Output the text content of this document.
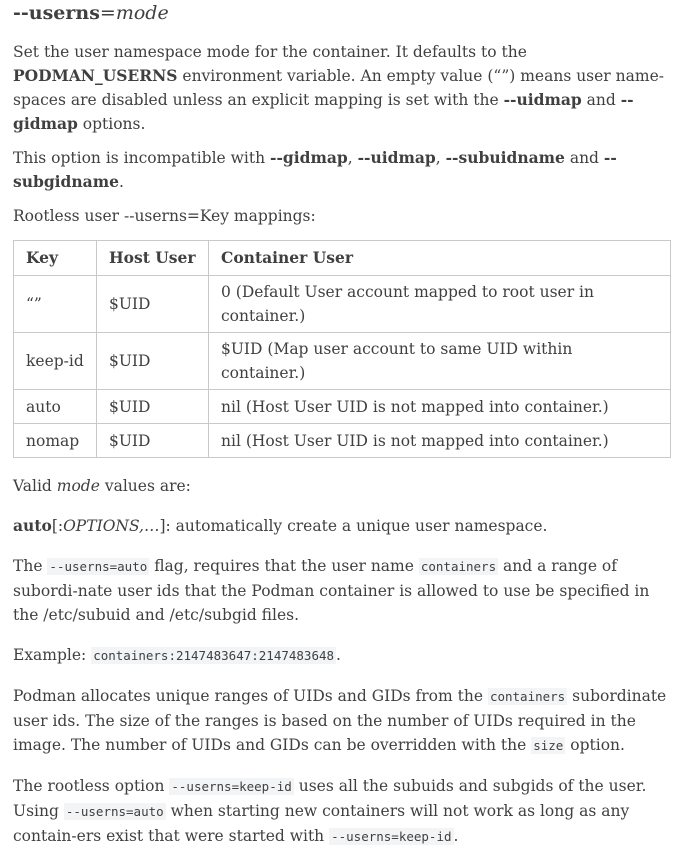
--userns=mode

Set the user namespace mode for the container. It defaults to the PODMAN_USERNS environment variable. An empty value (“”) means user name-spaces are disabled unless an explicit mapping is set with the --uidmap and --gidmap options.

This option is incompatible with --gidmap, --uidmap, --subuidname and --subgidname.

Rootless user --userns=Key mappings:

Key	Host User	Container User
“”	$UID	0 (Default User account mapped to root user in container.)
keep-id	$UID	$UID (Map user account to same UID within container.)
auto	$UID	nil (Host User UID is not mapped into container.)
nomap	$UID	nil (Host User UID is not mapped into container.)

Valid mode values are:

auto[:OPTIONS,…]: automatically create a unique user namespace.

The --userns=auto flag, requires that the user name containers and a range of subordi-nate user ids that the Podman container is allowed to use be specified in the /etc/subuid and /etc/subgid files.

Example: containers:2147483647:2147483648 .

Podman allocates unique ranges of UIDs and GIDs from the containers subordinate user ids. The size of the ranges is based on the number of UIDs required in the image. The number of UIDs and GIDs can be overridden with the size option.

The rootless option --userns=keep-id uses all the subuids and subgids of the user. Using --userns=auto when starting new containers will not work as long as any contain-ers exist that were started with --userns=keep-id .
